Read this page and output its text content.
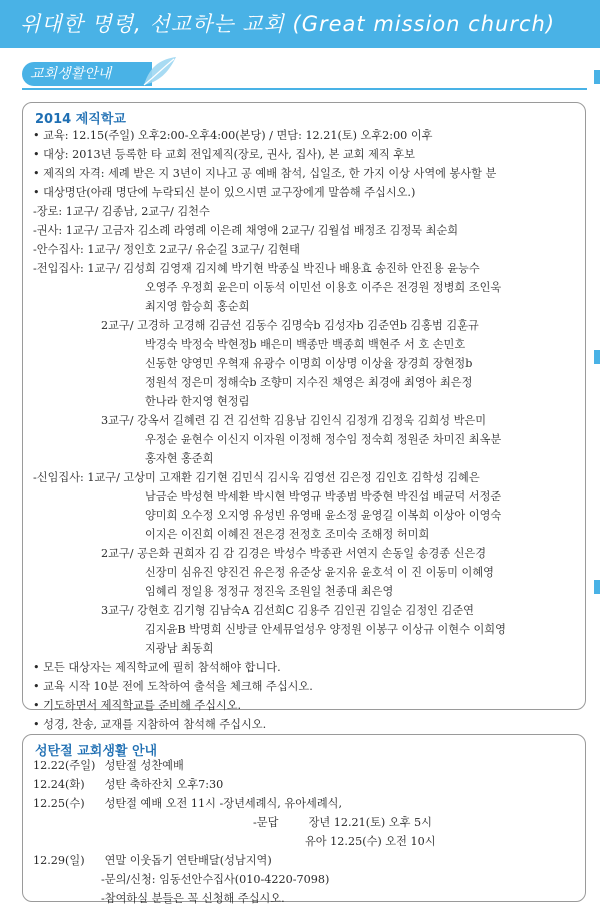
위대한 명령, 선교하는 교회 (Great mission church)
교회생활안내
2014 제직학교
• 교육: 12.15(주일) 오후2:00-오후4:00(본당) / 면담: 12.21(토) 오후2:00 이후
• 대상: 2013년 등록한 타 교회 전입제직(장로, 권사, 집사), 본 교회 제직 후보
• 제직의 자격: 세례 받은 지 3년이 지나고 공 예배 참석, 십일조, 한 가지 이상 사역에 봉사할 분
• 대상명단(아래 명단에 누락되신 분이 있으시면 교구장에게 말씀해 주십시오.)
-장로: 1교구/ 김종남, 2교구/ 김천수
-권사: 1교구/ 고금자 김소례 라영례 이은례 채영애 2교구/ 김월섭 배정조 김정묵 최순희
-안수집사: 1교구/ 정인호 2교구/ 유순길 3교구/ 김현태
-전입집사: 1교구/ 김성희 김영재 김지혜 박기현 박종실 박진나 배용효 송진하 안진용 윤능수
오영주 우정희 윤은미 이동석 이민선 이용호 이주은 전경원 정병희 조인욱
최지영 함승희 홍순희
2교구/ 고경하 고경해 김금선 김동수 김명숙b 김성자b 김준연b 김홍범 김훈규
박경숙 박정숙 박현정b 배은미 백종만 백종희 백현주 서 호 손민호
신동한 양영민 우혁재 유광수 이명희 이상명 이상율 장경희 장현정b
정원석 정은미 정해숙b 조향미 지수진 채영은 최경애 최영아 최은정
한나라 한지영 현정림
3교구/ 강옥서 길혜련 김 건 김선학 김용남 김인식 김정개 김정욱 김희성 박은미
우정순 윤현수 이신지 이자원 이정해 정수임 정숙희 정원준 차미진 최옥분
홍자현 홍준희
-신임집사: 1교구/ 고상미 고재환 김기현 김민식 김시욱 김영선 김은정 김인호 김학성 김혜은
남금순 박성현 박세환 박시현 박영규 박종범 박중현 박진섭 배균덕 서정준
양미희 오수정 오지영 유성빈 유영배 윤소정 윤영길 이복희 이상아 이영숙
이지은 이진희 이혜진 전은경 전정호 조미숙 조해정 허미희
2교구/ 공은화 권희자 김 감 김경은 박성수 박종관 서연지 손동일 송경종 신은경
신장미 심유진 양진건 유은정 유준상 윤지유 윤호석 이 진 이동미 이혜영
임혜리 정일용 정정규 정진욱 조원일 천종대 최은영
3교구/ 강현호 김기형 김남숙A 김선희C 김용주 김인권 김일순 김정인 김준연
김지윤B 박명희 신방글 안세뮤얼성우 양정원 이봉구 이상규 이현수 이희영
지광남 최동희
• 모든 대상자는 제직학교에 필히 참석해야 합니다.
• 교육 시작 10분 전에 도착하여 출석을 체크해 주십시오.
• 기도하면서 제직학교를 준비해 주십시오.
• 성경, 찬송, 교재를 지참하여 참석해 주십시오.
성탄절 교회생활 안내
12.22(주일) 성탄절 성찬예배
12.24(화) 성탄 축하잔치 오후7:30
12.25(수) 성탄절 예배 오전 11시 -장년세례식, 유아세례식,
-문답	장년 12.21(토) 오후 5시
유아 12.25(수) 오전 10시
12.29(일) 연말 이웃돕기 연탄배달(성남지역)
-문의/신청: 임동선안수집사(010-4220-7098)
-참여하실 분들은 꼭 신청해 주십시오.
